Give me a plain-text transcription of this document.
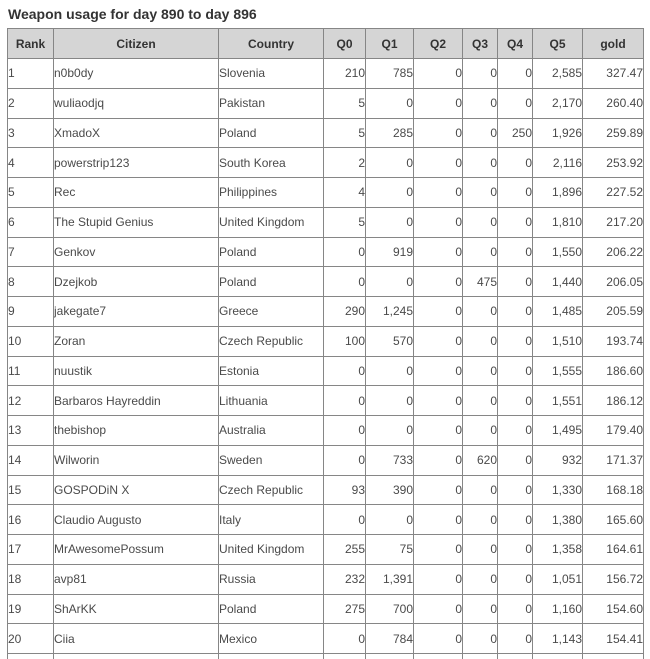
Weapon usage for day 890 to day 896
Rank	Citizen	Country	Q0	Q1	Q2	Q3	Q4	Q5	gold
1	n0b0dy	Slovenia	210	785	0	0	0	2,585	327.47
2	wuliaodjq	Pakistan	5	0	0	0	0	2,170	260.40
3	XmadoX	Poland	5	285	0	0	250	1,926	259.89
4	powerstrip123	South Korea	2	0	0	0	0	2,116	253.92
5	Rec	Philippines	4	0	0	0	0	1,896	227.52
6	The Stupid Genius	United Kingdom	5	0	0	0	0	1,810	217.20
7	Genkov	Poland	0	919	0	0	0	1,550	206.22
8	Dzejkob	Poland	0	0	0	475	0	1,440	206.05
9	jakegate7	Greece	290	1,245	0	0	0	1,485	205.59
10	Zoran	Czech Republic	100	570	0	0	0	1,510	193.74
11	nuustik	Estonia	0	0	0	0	0	1,555	186.60
12	Barbaros Hayreddin	Lithuania	0	0	0	0	0	1,551	186.12
13	thebishop	Australia	0	0	0	0	0	1,495	179.40
14	Wilworin	Sweden	0	733	0	620	0	932	171.37
15	GOSPODiN X	Czech Republic	93	390	0	0	0	1,330	168.18
16	Claudio Augusto	Italy	0	0	0	0	0	1,380	165.60
17	MrAwesomePossum	United Kingdom	255	75	0	0	0	1,358	164.61
18	avp81	Russia	232	1,391	0	0	0	1,051	156.72
19	ShArKK	Poland	275	700	0	0	0	1,160	154.60
20	Ciia	Mexico	0	784	0	0	0	1,143	154.41
